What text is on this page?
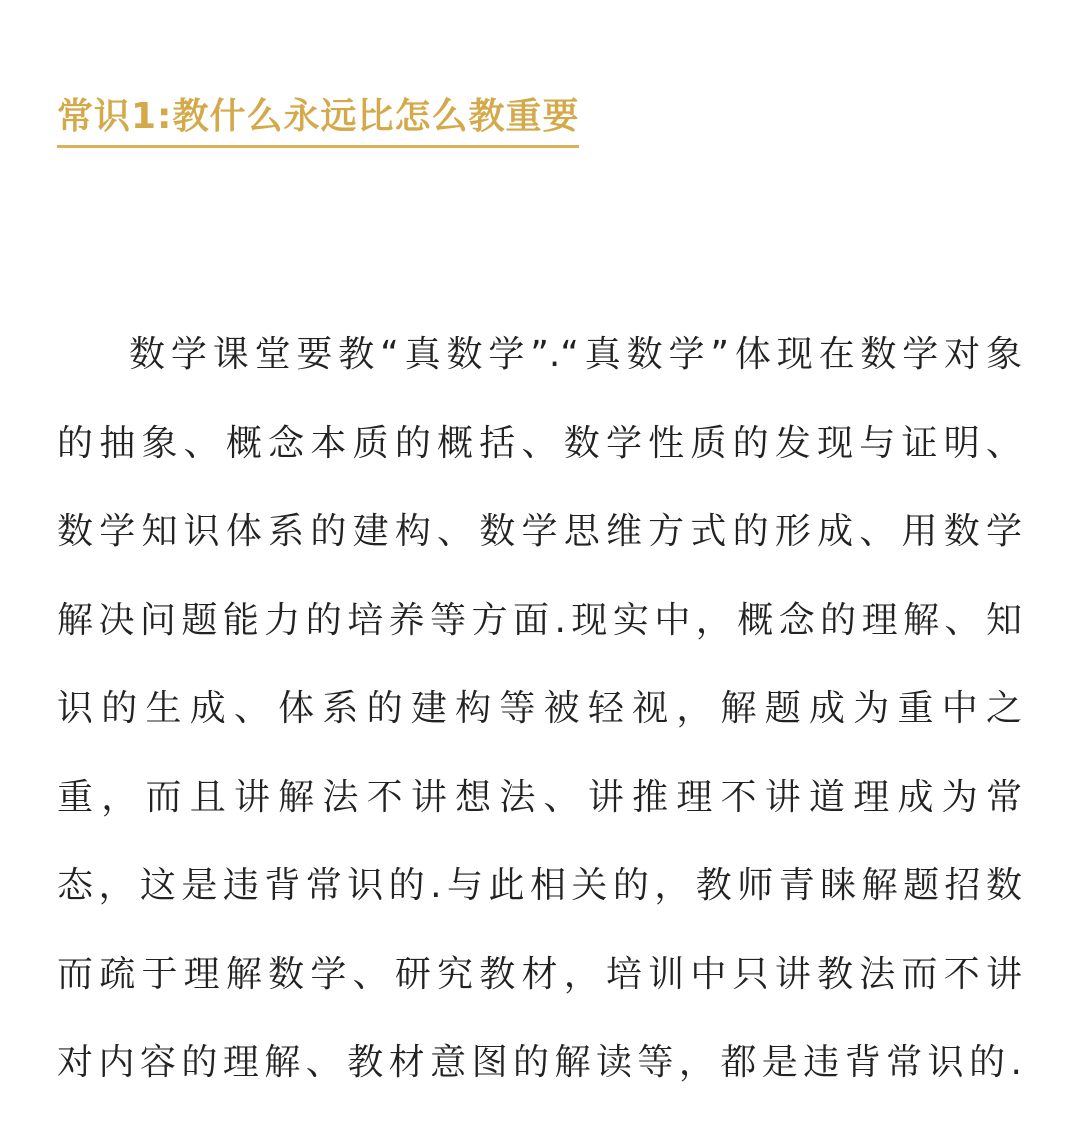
常识1:教什么永远比怎么教重要
数学课堂要教“真数学”.“真数学”体现在数学对象
的抽象、概念本质的概括、数学性质的发现与证明、
数学知识体系的建构、数学思维方式的形成、用数学
解决问题能力的培养等方面.现实中，概念的理解、知
识的生成、体系的建构等被轻视，解题成为重中之
重，而且讲解法不讲想法、讲推理不讲道理成为常
态，这是违背常识的.与此相关的，教师青睐解题招数
而疏于理解数学、研究教材，培训中只讲教法而不讲
对内容的理解、教材意图的解读等，都是违背常识的.
